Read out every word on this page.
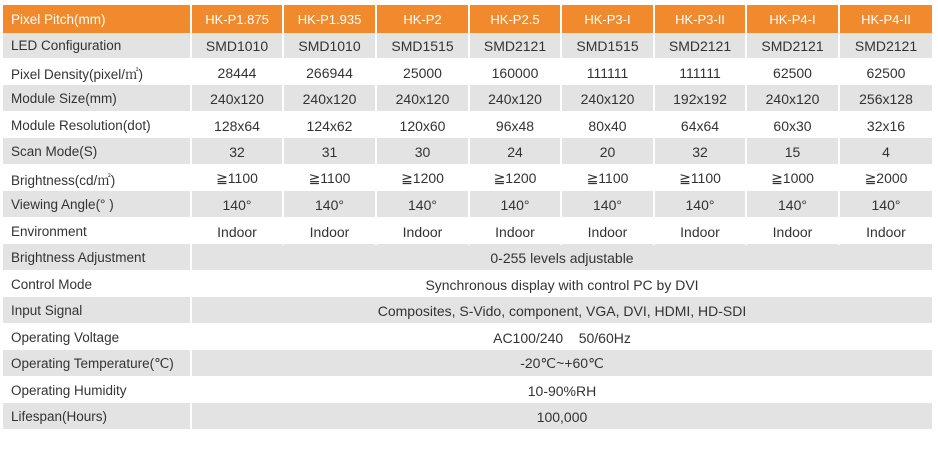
Pixel Pitch(mm)	HK-P1.875	HK-P1.935	HK-P2	HK-P2.5	HK-P3-I	HK-P3-II	HK-P4-I	HK-P4-II
LED Configuration	SMD1010	SMD1010	SMD1515	SMD2121	SMD1515	SMD2121	SMD2121	SMD2121
Pixel Density(pixel/㎡)	28444	266944	25000	160000	111111	111111	62500	62500
Module Size(mm)	240x120	240x120	240x120	240x120	240x120	192x192	240x120	256x128
Module Resolution(dot)	128x64	124x62	120x60	96x48	80x40	64x64	60x30	32x16
Scan Mode(S)	32	31	30	24	20	32	15	4
Brightness(cd/㎡)	≧1100	≧1100	≧1200	≧1200	≧1100	≧1100	≧1000	≧2000
Viewing Angle(° )	140°	140°	140°	140°	140°	140°	140°	140°
Environment	Indoor	Indoor	Indoor	Indoor	Indoor	Indoor	Indoor	Indoor
Brightness Adjustment	0-255 levels adjustable							
Control Mode	Synchronous display with control PC by DVI							
Input Signal	Composites, S-Vido, component, VGA, DVI, HDMI, HD-SDI							
Operating Voltage	AC100/240    50/60Hz							
Operating Temperature(℃)	-20℃~+60℃							
Operating Humidity	10-90%RH							
Lifespan(Hours)	100,000							
